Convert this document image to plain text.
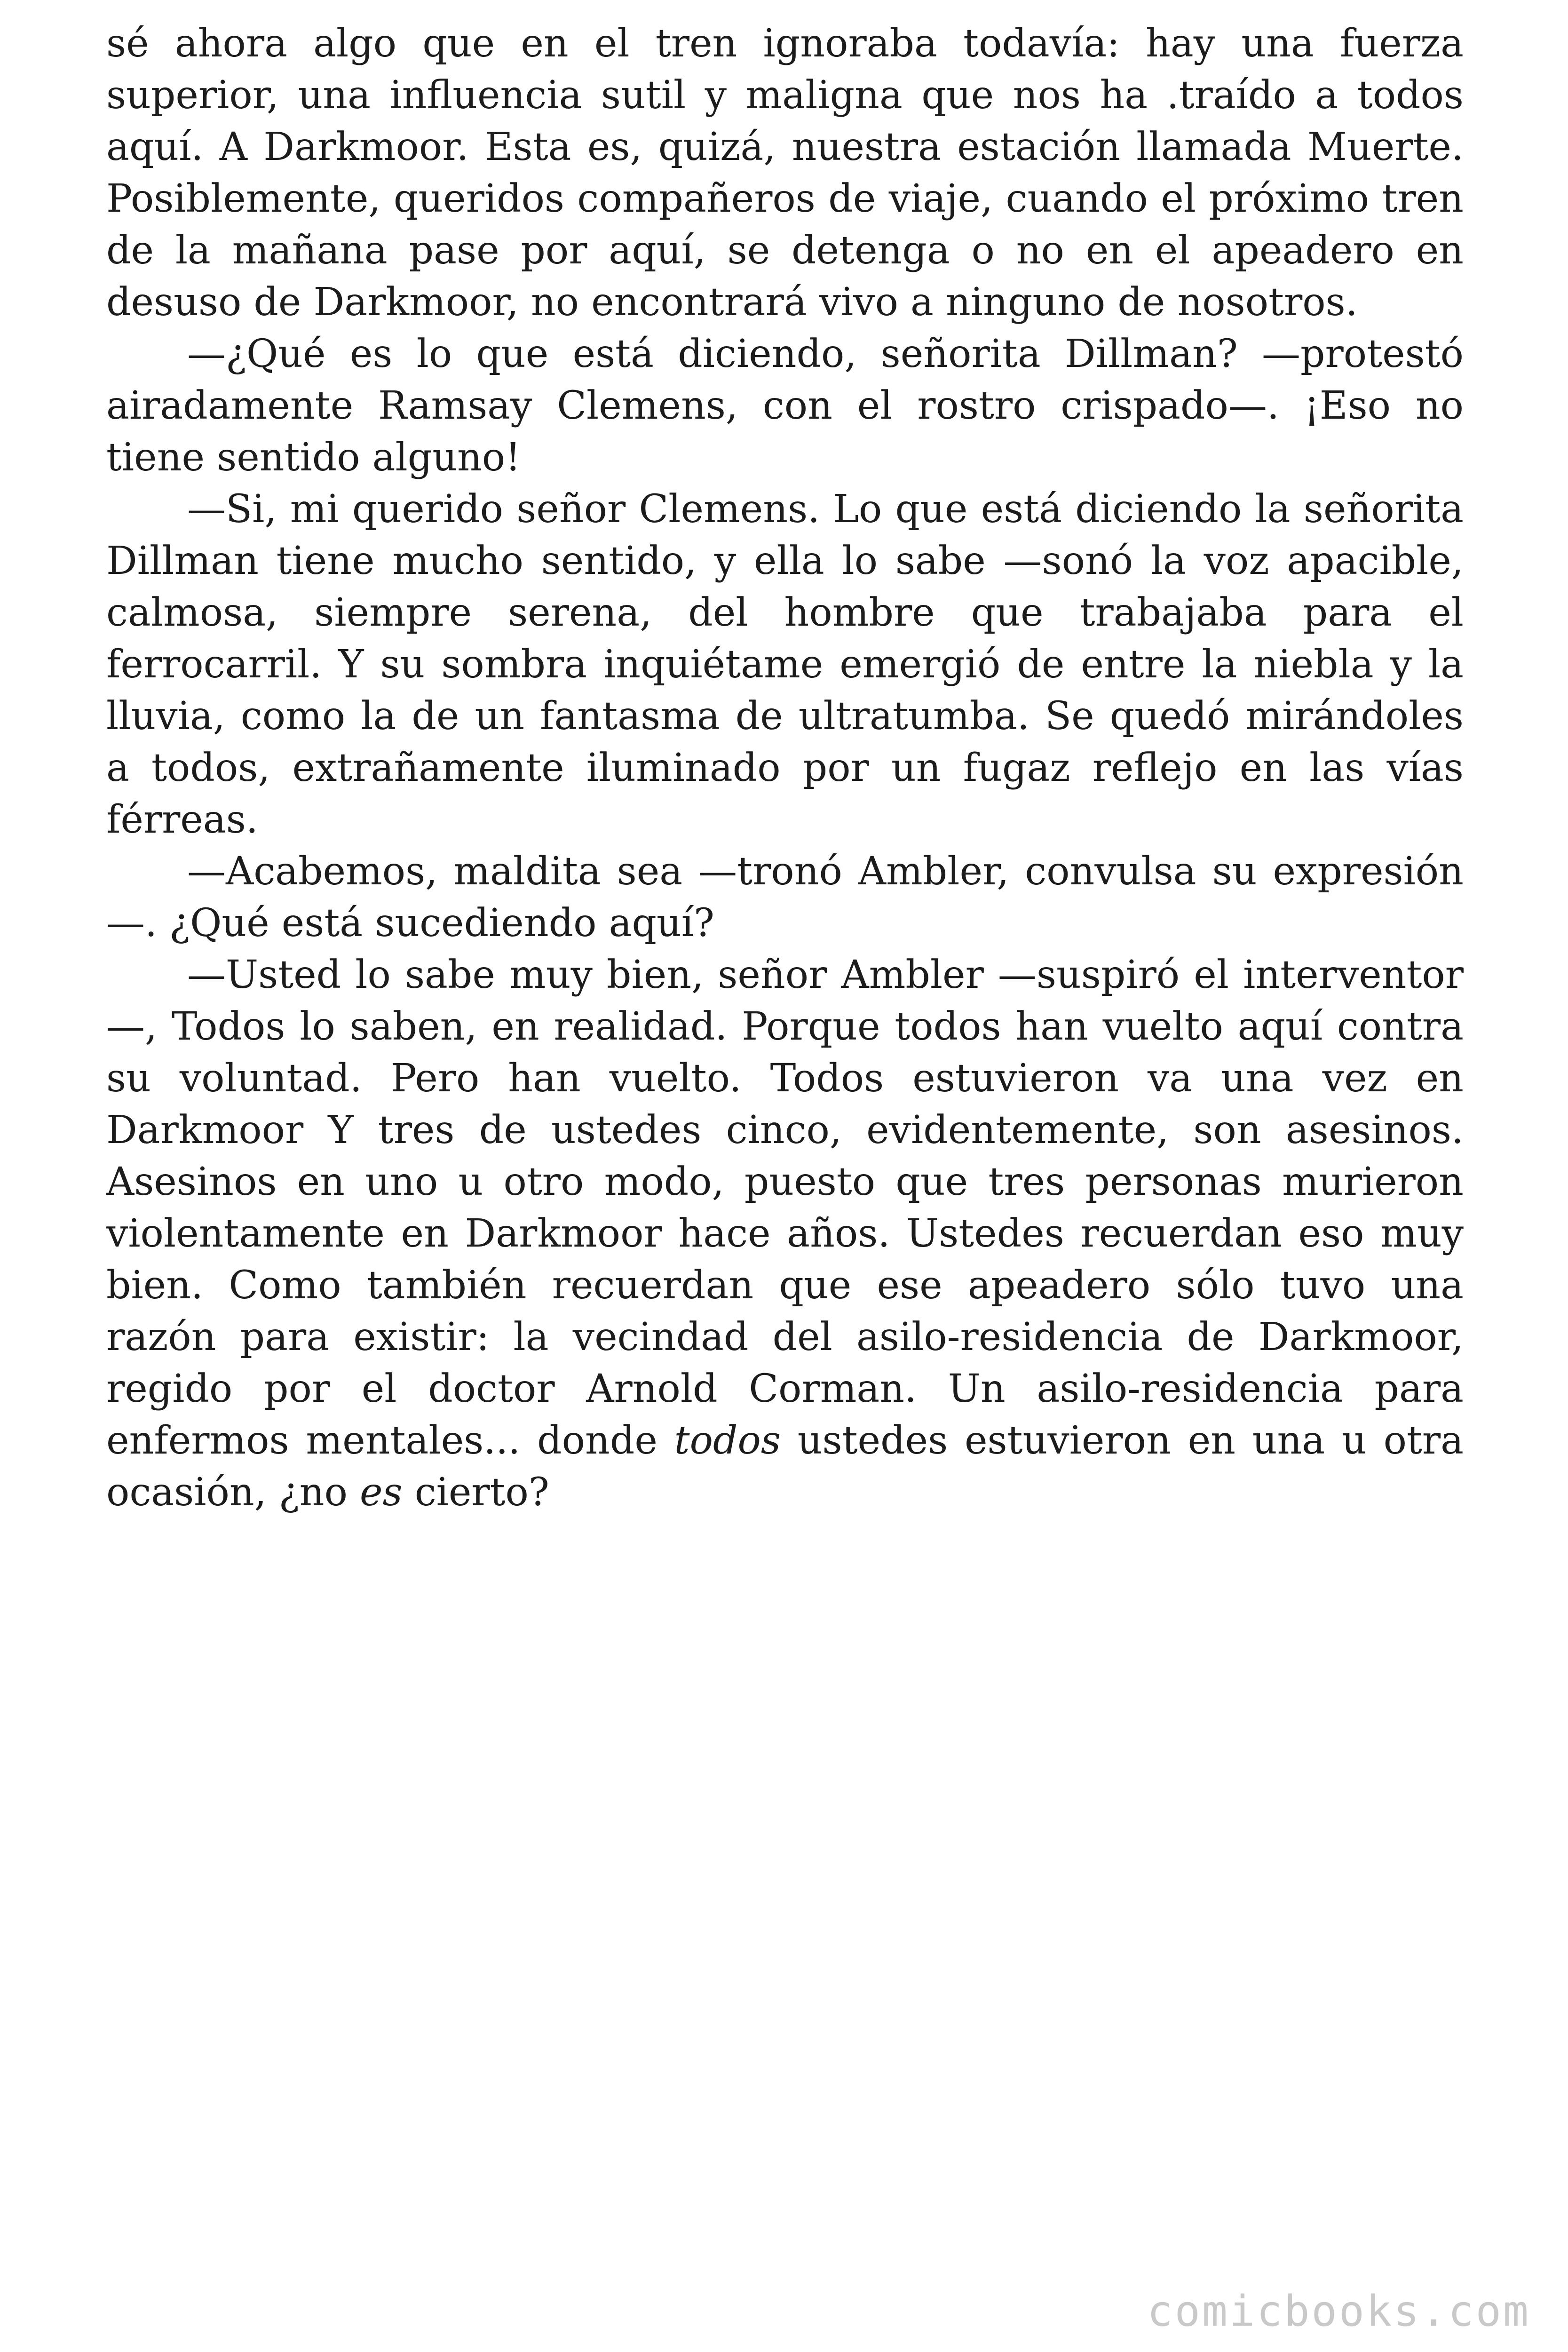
sé ahora algo que en el tren ignoraba todavía: hay una fuerza superior, una influencia sutil y maligna que nos ha .traído a todos aquí. A Darkmoor. Esta es, quizá, nuestra estación llamada Muerte. Posiblemente, queridos compañeros de viaje, cuando el próximo tren de la mañana pase por aquí, se detenga o no en el apeadero en desuso de Darkmoor, no encontrará vivo a ninguno de nosotros.

—¿Qué es lo que está diciendo, señorita Dillman? —protestó airadamente Ramsay Clemens, con el rostro crispado—. ¡Eso no tiene sentido alguno!

—Si, mi querido señor Clemens. Lo que está diciendo la señorita Dillman tiene mucho sentido, y ella lo sabe —sonó la voz apacible, calmosa, siempre serena, del hombre que trabajaba para el ferrocarril. Y su sombra inquiétame emergió de entre la niebla y la lluvia, como la de un fantasma de ultratumba. Se quedó mirándoles a todos, extrañamente iluminado por un fugaz reflejo en las vías férreas.

—Acabemos, maldita sea —tronó Ambler, convulsa su expresión —. ¿Qué está sucediendo aquí?

—Usted lo sabe muy bien, señor Ambler —suspiró el interventor —, Todos lo saben, en realidad. Porque todos han vuelto aquí contra su voluntad. Pero han vuelto. Todos estuvieron va una vez en Darkmoor Y tres de ustedes cinco, evidentemente, son asesinos. Asesinos en uno u otro modo, puesto que tres personas murieron violentamente en Darkmoor hace años. Ustedes recuerdan eso muy bien. Como también recuerdan que ese apeadero sólo tuvo una razón para existir: la vecindad del asilo-residencia de Darkmoor, regido por el doctor Arnold Corman. Un asilo-residencia para enfermos mentales... donde todos ustedes estuvieron en una u otra ocasión, ¿no es cierto?

comicbooks.com
